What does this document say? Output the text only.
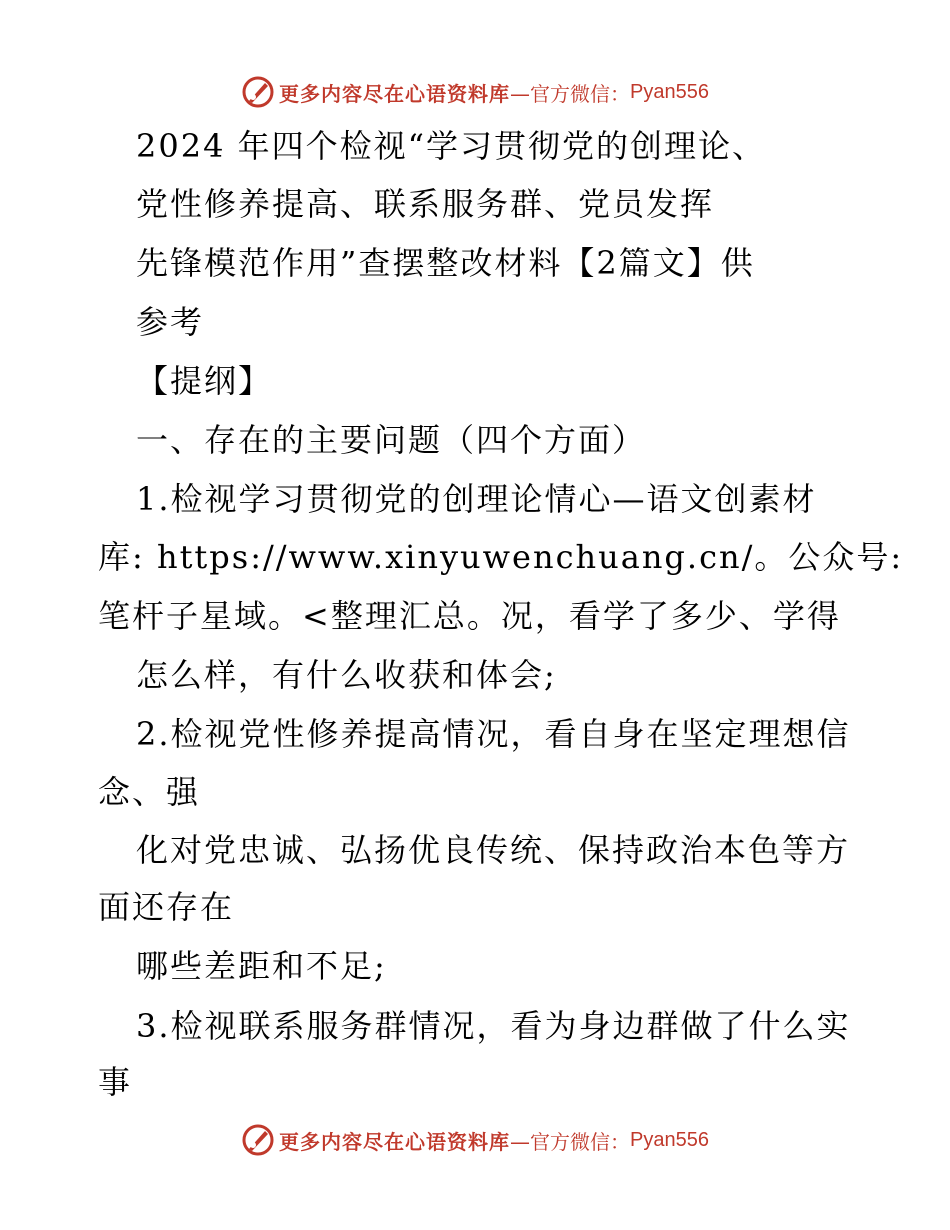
更多内容尽在心语资料库 —官方微信： Pyan556
2024 年四个检视“学习贯彻党的创理论、
党性修养提高、联系服务群、党员发挥
先锋模范作用”查摆整改材料【2篇文】供
参考
【提纲】
一、存在的主要问题（四个方面）
1.检视学习贯彻党的创理论情心—语文创素材
库: https://www.xinyuwenchuang.cn/。公众号:
笔杆子星域。<整理汇总。况，看学了多少、学得
怎么样，有什么收获和体会;
2.检视党性修养提高情况，看自身在坚定理想信
念、强
化对党忠诚、弘扬优良传统、保持政治本色等方
面还存在
哪些差距和不足;
3.检视联系服务群情况，看为身边群做了什么实
事
更多内容尽在心语资料库 —官方微信： Pyan556
